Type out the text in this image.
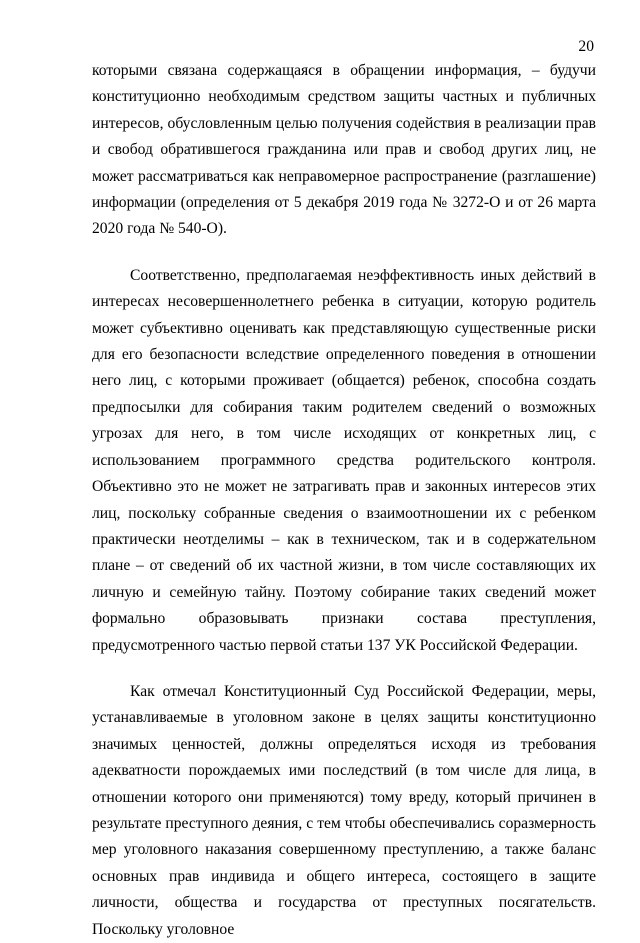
20

которыми связана содержащаяся в обращении информация, – будучи конституционно необходимым средством защиты частных и публичных интересов, обусловленным целью получения содействия в реализации прав и свобод обратившегося гражданина или прав и свобод других лиц, не может рассматриваться как неправомерное распространение (разглашение) информации (определения от 5 декабря 2019 года № 3272-О и от 26 марта 2020 года № 540-О).

Соответственно, предполагаемая неэффективность иных действий в интересах несовершеннолетнего ребенка в ситуации, которую родитель может субъективно оценивать как представляющую существенные риски для его безопасности вследствие определенного поведения в отношении него лиц, с которыми проживает (общается) ребенок, способна создать предпосылки для собирания таким родителем сведений о возможных угрозах для него, в том числе исходящих от конкретных лиц, с использованием программного средства родительского контроля. Объективно это не может не затрагивать прав и законных интересов этих лиц, поскольку собранные сведения о взаимоотношении их с ребенком практически неотделимы – как в техническом, так и в содержательном плане – от сведений об их частной жизни, в том числе составляющих их личную и семейную тайну. Поэтому собирание таких сведений может формально образовывать признаки состава преступления, предусмотренного частью первой статьи 137 УК Российской Федерации.

Как отмечал Конституционный Суд Российской Федерации, меры, устанавливаемые в уголовном законе в целях защиты конституционно значимых ценностей, должны определяться исходя из требования адекватности порождаемых ими последствий (в том числе для лица, в отношении которого они применяются) тому вреду, который причинен в результате преступного деяния, с тем чтобы обеспечивались соразмерность мер уголовного наказания совершенному преступлению, а также баланс основных прав индивида и общего интереса, состоящего в защите личности, общества и государства от преступных посягательств. Поскольку уголовное
